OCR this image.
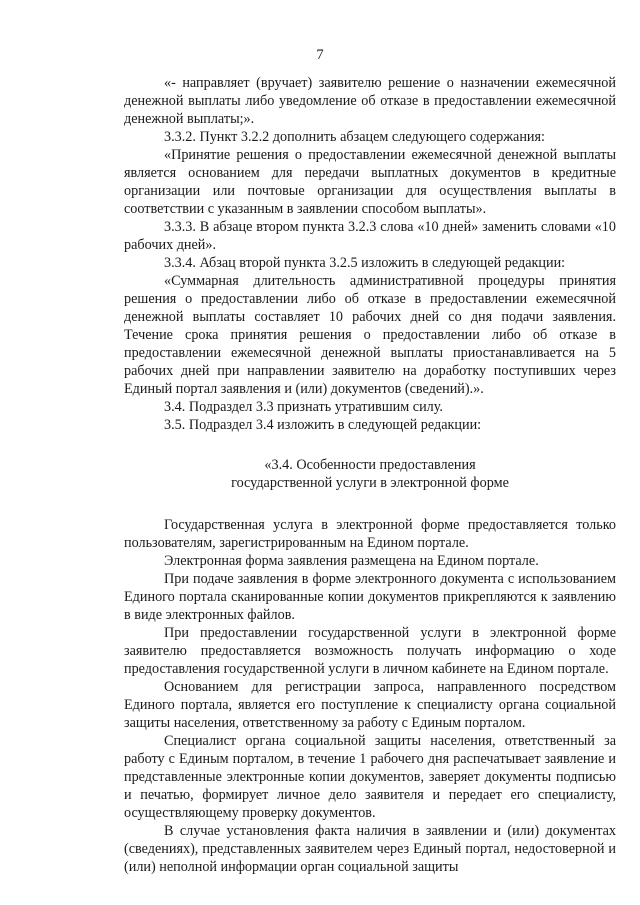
7

«- направляет (вручает) заявителю решение о назначении ежемесячной денежной выплаты либо уведомление об отказе в предоставлении ежемесячной денежной выплаты;».

3.3.2. Пункт 3.2.2 дополнить абзацем следующего содержания:

«Принятие решения о предоставлении ежемесячной денежной выплаты является основанием для передачи выплатных документов в кредитные организации или почтовые организации для осуществления выплаты в соответствии с указанным в заявлении способом выплаты».

3.3.3. В абзаце втором пункта 3.2.3 слова «10 дней» заменить словами «10 рабочих дней».

3.3.4. Абзац второй пункта 3.2.5 изложить в следующей редакции:

«Суммарная длительность административной процедуры принятия решения о предоставлении либо об отказе в предоставлении ежемесячной денежной выплаты составляет 10 рабочих дней со дня подачи заявления. Течение срока принятия решения о предоставлении либо об отказе в предоставлении ежемесячной денежной выплаты приостанавливается на 5 рабочих дней при направлении заявителю на доработку поступивших через Единый портал заявления и (или) документов (сведений).».

3.4. Подраздел 3.3 признать утратившим силу.

3.5. Подраздел 3.4 изложить в следующей редакции:

«3.4. Особенности предоставления
государственной услуги в электронной форме

Государственная услуга в электронной форме предоставляется только пользователям, зарегистрированным на Едином портале.

Электронная форма заявления размещена на Едином портале.

При подаче заявления в форме электронного документа с использованием Единого портала сканированные копии документов прикрепляются к заявлению в виде электронных файлов.

При предоставлении государственной услуги в электронной форме заявителю предоставляется возможность получать информацию о ходе предоставления государственной услуги в личном кабинете на Едином портале.

Основанием для регистрации запроса, направленного посредством Единого портала, является его поступление к специалисту органа социальной защиты населения, ответственному за работу с Единым порталом.

Специалист органа социальной защиты населения, ответственный за работу с Единым порталом, в течение 1 рабочего дня распечатывает заявление и представленные электронные копии документов, заверяет документы подписью и печатью, формирует личное дело заявителя и передает его специалисту, осуществляющему проверку документов.

В случае установления факта наличия в заявлении и (или) документах (сведениях), представленных заявителем через Единый портал, недостоверной и (или) неполной информации орган социальной защиты
